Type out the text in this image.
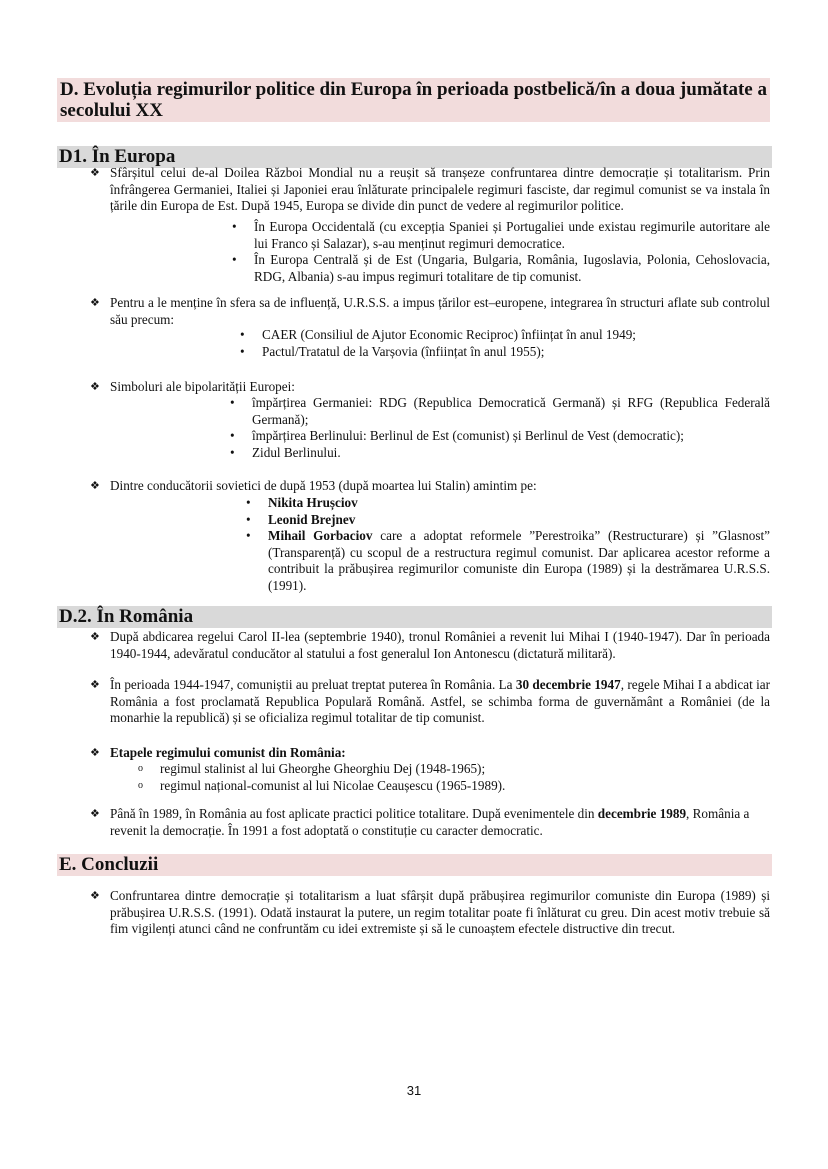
D. Evoluția regimurilor politice din Europa în perioada postbelică/în a doua jumătate a secolului XX
D1. În Europa
❖ Sfârșitul celui de-al Doilea Război Mondial nu a reușit să tranșeze confruntarea dintre democrație și totalitarism. Prin înfrângerea Germaniei, Italiei și Japoniei erau înlăturate principalele regimuri fasciste, dar regimul comunist se va instala în țările din Europa de Est. După 1945, Europa se divide din punct de vedere al regimurilor politice.
• În Europa Occidentală (cu excepția Spaniei și Portugaliei unde existau regimurile autoritare ale lui Franco și Salazar), s-au menținut regimuri democratice.
• În Europa Centrală și de Est (Ungaria, Bulgaria, România, Iugoslavia, Polonia, Cehoslovacia, RDG, Albania) s-au impus regimuri totalitare de tip comunist.
❖ Pentru a le menține în sfera sa de influență, U.R.S.S. a impus țărilor est–europene, integrarea în structuri aflate sub controlul său precum:
• CAER (Consiliul de Ajutor Economic Reciproc) înființat în anul 1949;
• Pactul/Tratatul de la Varșovia (înființat în anul 1955);
❖ Simboluri ale bipolarității Europei:
• împărțirea Germaniei: RDG (Republica Democratică Germană) și RFG (Republica Federală Germană);
• împărțirea Berlinului: Berlinul de Est (comunist) și Berlinul de Vest (democratic);
• Zidul Berlinului.
❖ Dintre conducătorii sovietici de după 1953 (după moartea lui Stalin) amintim pe:
• Nikita Hrușciov
• Leonid Brejnev
• Mihail Gorbaciov care a adoptat reformele ”Perestroika” (Restructurare) și ”Glasnost” (Transparență) cu scopul de a restructura regimul comunist. Dar aplicarea acestor reforme a contribuit la prăbușirea regimurilor comuniste din Europa (1989) și la destrămarea U.R.S.S. (1991).
D.2. În România
❖ După abdicarea regelui Carol II-lea (septembrie 1940), tronul României a revenit lui Mihai I (1940-1947). Dar în perioada 1940-1944, adevăratul conducător al statului a fost generalul Ion Antonescu (dictatură militară).
❖ În perioada 1944-1947, comuniștii au preluat treptat puterea în România. La 30 decembrie 1947, regele Mihai I a abdicat iar România a fost proclamată Republica Populară Română. Astfel, se schimba forma de guvernământ a României (de la monarhie la republică) și se oficializa regimul totalitar de tip comunist.
❖ Etapele regimului comunist din România:
o regimul stalinist al lui Gheorghe Gheorghiu Dej (1948-1965);
o regimul național-comunist al lui Nicolae Ceaușescu (1965-1989).
❖ Până în 1989, în România au fost aplicate practici politice totalitare. După evenimentele din decembrie 1989, România a revenit la democrație. În 1991 a fost adoptată o constituție cu caracter democratic.
E. Concluzii
❖ Confruntarea dintre democrație și totalitarism a luat sfârșit după prăbușirea regimurilor comuniste din Europa (1989) și prăbușirea U.R.S.S. (1991). Odată instaurat la putere, un regim totalitar poate fi înlăturat cu greu. Din acest motiv trebuie să fim vigilenți atunci când ne confruntăm cu idei extremiste și să le cunoaștem efectele distructive din trecut.
31
